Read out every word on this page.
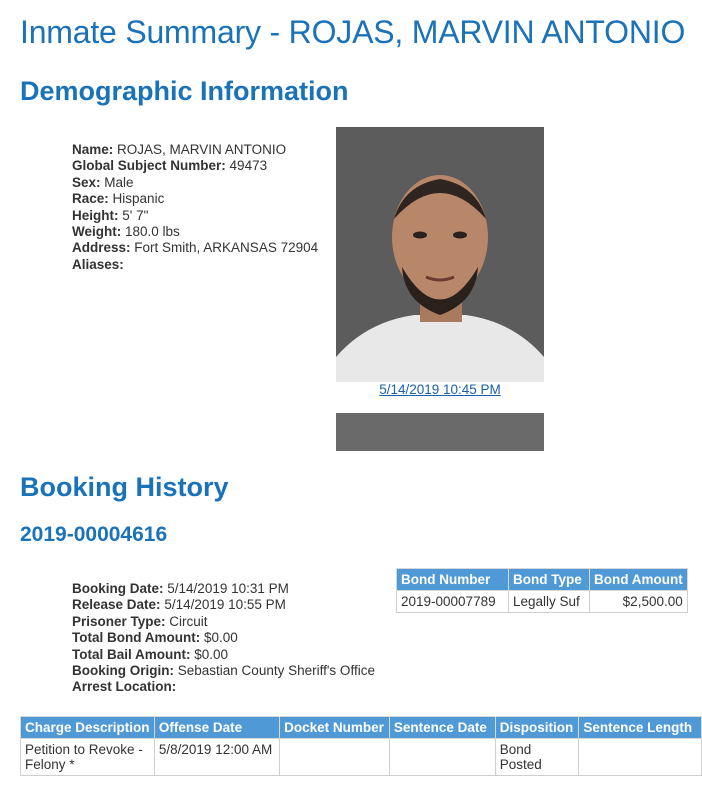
Inmate Summary - ROJAS, MARVIN ANTONIO
Demographic Information
Name: ROJAS, MARVIN ANTONIO
Global Subject Number: 49473
Sex: Male
Race: Hispanic
Height: 5' 7"
Weight: 180.0 lbs
Address: Fort Smith, ARKANSAS 72904
Aliases:
5/14/2019 10:45 PM
Booking History
2019-00004616
Booking Date: 5/14/2019 10:31 PM
Release Date: 5/14/2019 10:55 PM
Prisoner Type: Circuit
Total Bond Amount: $0.00
Total Bail Amount: $0.00
Booking Origin: Sebastian County Sheriff's Office
Arrest Location:
Bond Number	Bond Type	Bond Amount
2019-00007789	Legally Suf	$2,500.00
Charge Description	Offense Date	Docket Number	Sentence Date	Disposition	Sentence Length
Petition to Revoke - Felony *	5/8/2019 12:00 AM			Bond Posted	
